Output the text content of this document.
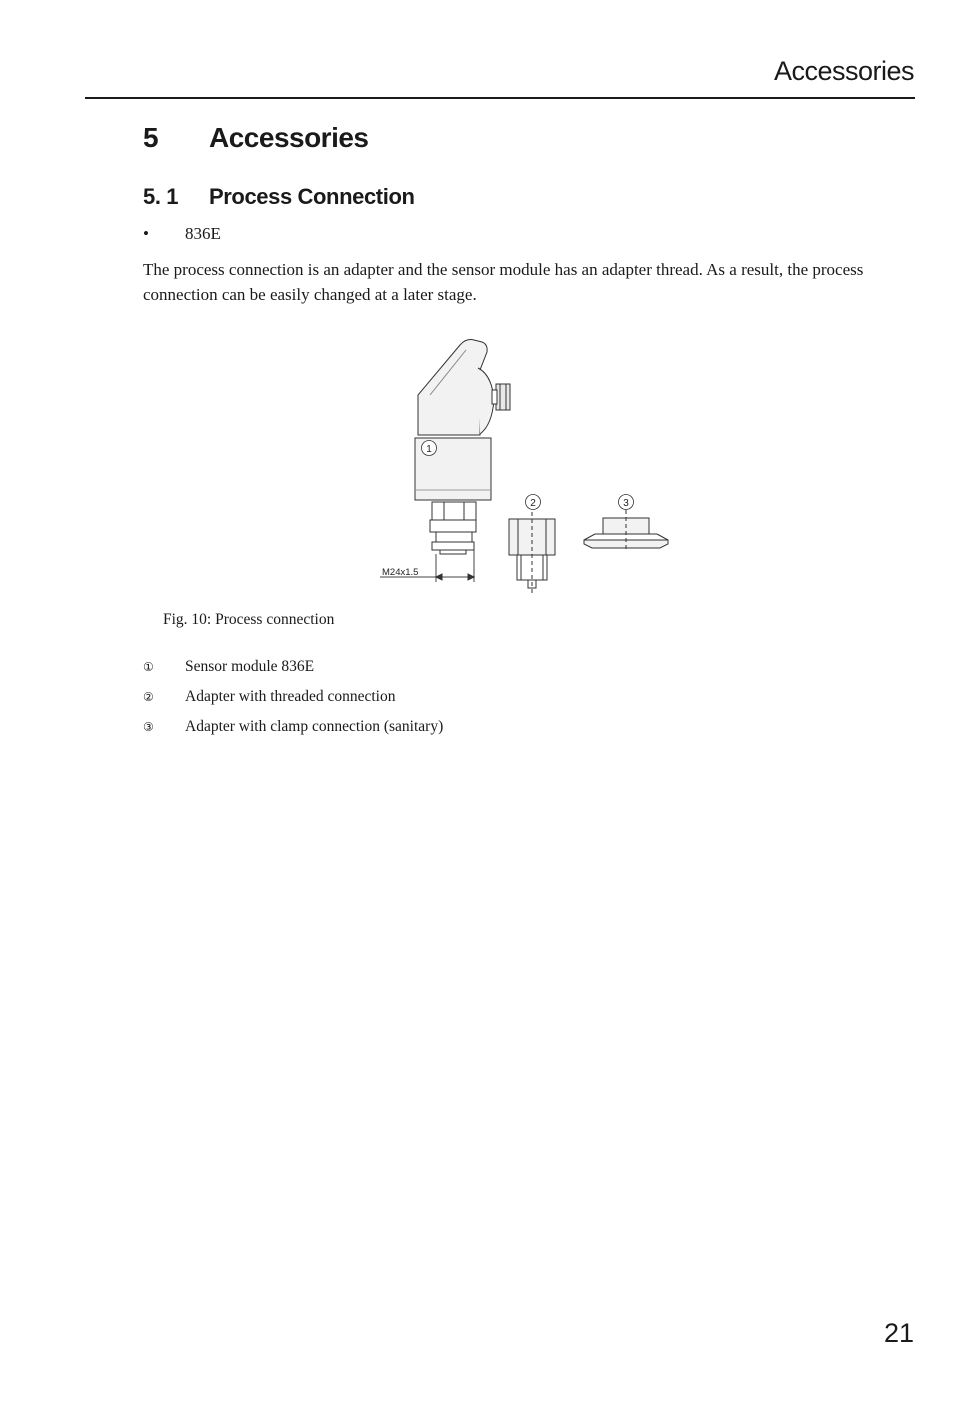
Accessories
5 Accessories
5. 1 Process Connection
• 836E
The process connection is an adapter and the sensor module has an adapter thread. As a result, the process connection can be easily changed at a later stage.
1
2	3
M24x1.5
Fig. 10: Process connection
① Sensor module 836E
② Adapter with threaded connection
③ Adapter with clamp connection (sanitary)
21
